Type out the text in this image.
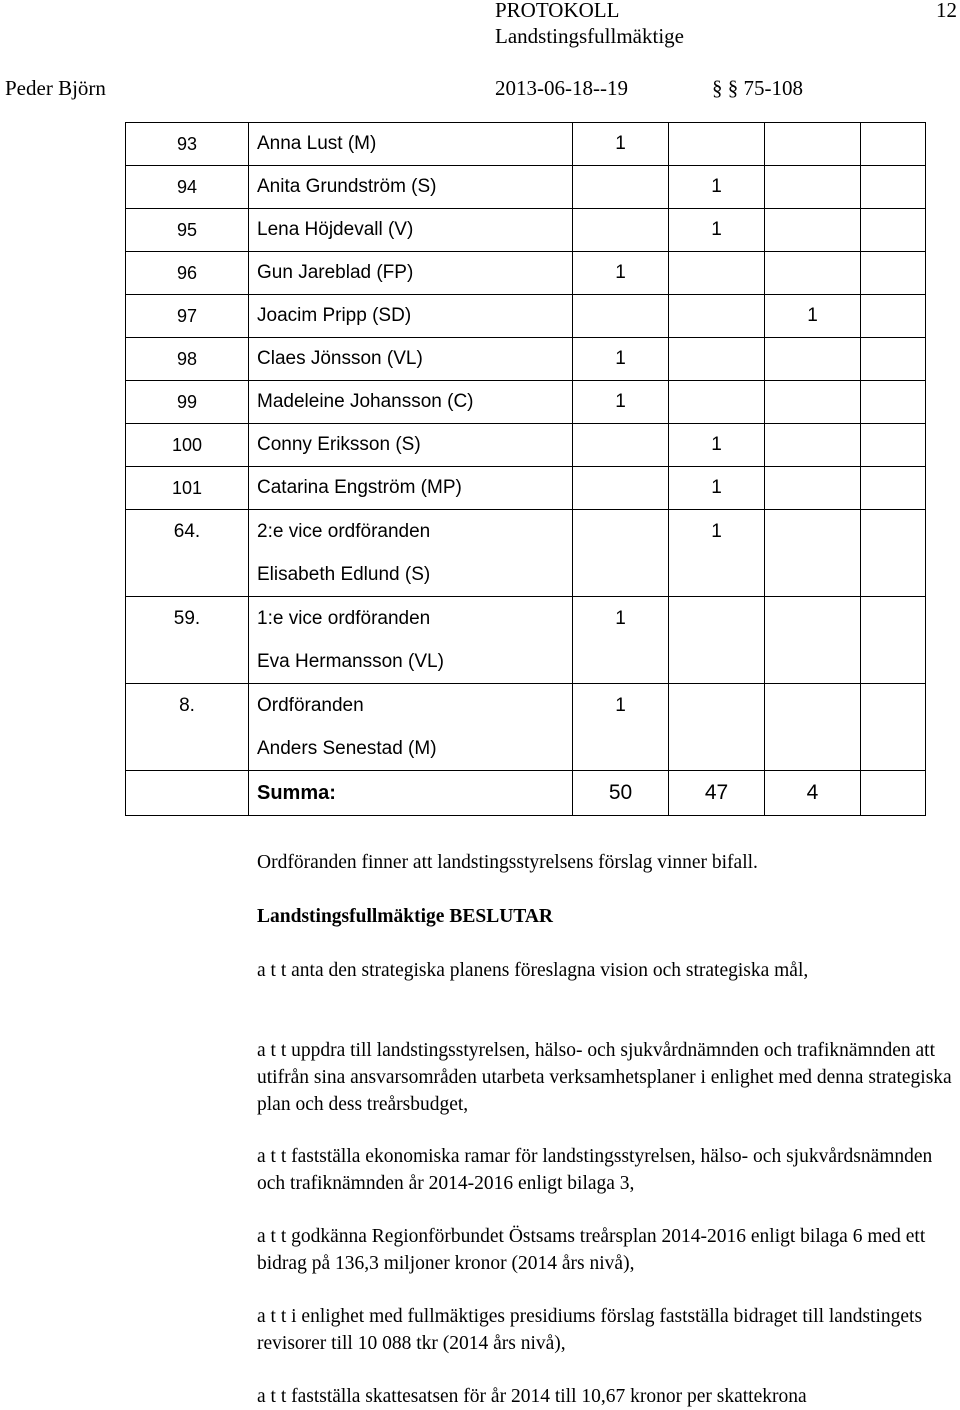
PROTOKOLL
Landstingsfullmäktige
12
Peder Björn	2013-06-18--19	§ § 75-108
93	Anna Lust (M)	1			
94	Anita Grundström (S)		1		
95	Lena Höjdevall (V)		1		
96	Gun Jareblad (FP)	1			
97	Joacim Pripp (SD)			1	
98	Claes Jönsson (VL)	1			
99	Madeleine Johansson (C)	1			
100	Conny Eriksson (S)		1		
101	Catarina Engström (MP)		1		

64.	2:e vice ordföranden
Elisabeth Edlund (S)		1		

59.	1:e vice ordföranden
Eva Hermansson (VL)	1			

8.	Ordföranden
Anders Senestad (M)	1			

	Summa:	50	47	4	
Ordföranden finner att landstingsstyrelsens förslag vinner bifall.
Landstingsfullmäktige BESLUTAR
a t t anta den strategiska planens föreslagna vision och strategiska mål,
a t t uppdra till landstingsstyrelsen, hälso- och sjukvårdnämnden och trafiknämnden att utifrån sina ansvarsområden utarbeta verksamhetsplaner i enlighet med denna strategiska plan och dess treårsbudget,
a t t fastställa ekonomiska ramar för landstingsstyrelsen, hälso- och sjukvårdsnämnden och trafiknämnden år 2014-2016 enligt bilaga 3,
a t t godkänna Regionförbundet Östsams treårsplan 2014-2016 enligt bilaga 6 med ett bidrag på 136,3 miljoner kronor (2014 års nivå),
a t t i enlighet med fullmäktiges presidiums förslag fastställa bidraget till landstingets revisorer till 10 088 tkr (2014 års nivå),
a t t fastställa skattesatsen för år 2014 till 10,67 kronor per skattekrona
